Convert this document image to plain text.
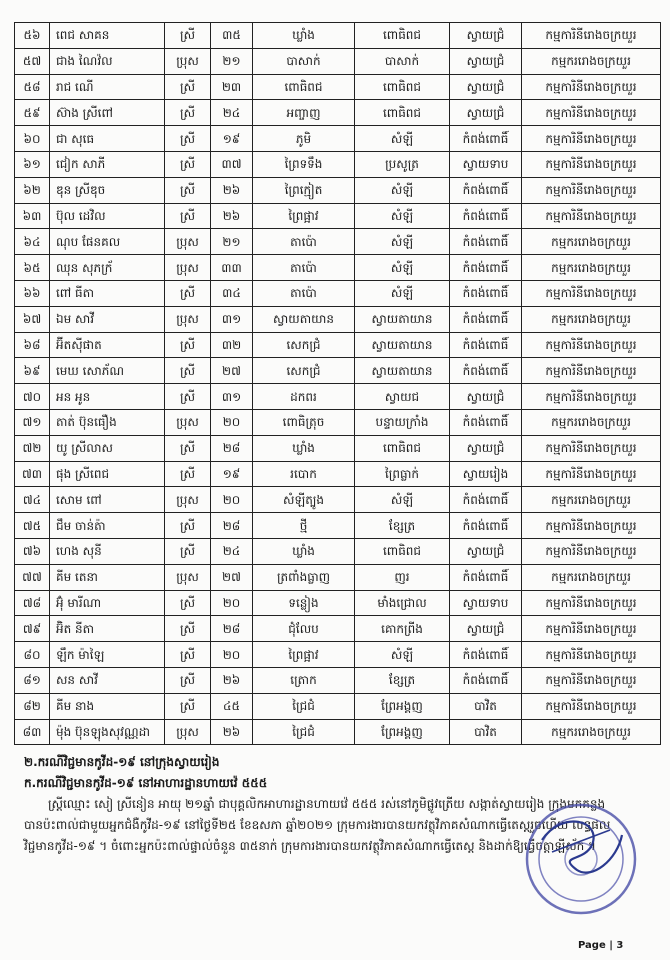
៥៦	ពេជ សាគន	ស្រី	៣៥	ឃ្លាំង	ពោធិពជ	ស្វាយជ្រំ	កម្មការិនីរោងចក្រយួរ
៥៧	ជាង ណៃវ៉ល	ប្រុស	២១	បាសាក់	បាសាក់	ស្វាយជ្រំ	កម្មកររោងចក្រយួរ
៥៨	រាជ ណើ	ស្រី	២៣	ពោធិពជ	ពោធិពជ	ស្វាយជ្រំ	កម្មការិនីរោងចក្រយួរ
៥៩	ស៊ាង ស្រីពៅ	ស្រី	២៤	អញ្ចាញ	ពោធិពជ	ស្វាយជ្រំ	កម្មការិនីរោងចក្រយួរ
៦០	ជា សុធេ	ស្រី	១៩	ភូមិ	សំឡី	កំពង់ពោធិ៍	កម្មការិនីរោងចក្រយួរ
៦១	ជៀក សាភី	ស្រី	៣៧	ព្រៃទទឹង	ប្រសូត្រ	ស្វាយទាប	កម្មការិនីរោងចក្រយួរ
៦២	ឌុន ស្រីឌុច	ស្រី	២៦	ព្រៃក្មៀត	សំឡី	កំពង់ពោធិ៍	កម្មការិនីរោងចក្រយួរ
៦៣	ប៊ុល ដេវិល	ស្រី	២៦	ព្រៃផ្អាវ	សំឡី	កំពង់ពោធិ៍	កម្មការិនីរោងចក្រយួរ
៦៤	ណុប ផែនគល	ប្រុស	២១	តាប៉ោ	សំឡី	កំពង់ពោធិ៍	កម្មកររោងចក្រយួរ
៦៥	ឈុន សុភក្រ័	ប្រុស	៣៣	តាប៉ោ	សំឡី	កំពង់ពោធិ៍	កម្មកររោងចក្រយួរ
៦៦	ពៅ ធីតា	ស្រី	៣៤	តាប៉ោ	សំឡី	កំពង់ពោធិ៍	កម្មការិនីរោងចក្រយួរ
៦៧	ឯម សាវី	ប្រុស	៣១	ស្វាយតាយាន	ស្វាយតាយាន	កំពង់ពោធិ៍	កម្មកររោងចក្រយួរ
៦៨	អ៊ីតស៊ីផាត	ស្រី	៣២	សេកជ្រំ	ស្វាយតាយាន	កំពង់ពោធិ៍	កម្មការិនីរោងចក្រយួរ
៦៩	មេឃ សោភ័ណ	ស្រី	២៧	សេកជ្រំ	ស្វាយតាយាន	កំពង់ពោធិ៍	កម្មការិនីរោងចក្រយួរ
៧០	អន អូន	ស្រី	៣១	ដកពរ	ស្វាយជ	ស្វាយជ្រំ	កម្មការិនីរោងចក្រយួរ
៧១	តាត់ ប៊ុនធឿង	ប្រុស	២០	ពោធិត្រុច	បន្ទាយក្រាំង	កំពង់ពោធិ៍	កម្មកររោងចក្រយួរ
៧២	យូ ស្រីលាស	ស្រី	២៨	ឃ្លាំង	ពោធិពជ	ស្វាយជ្រំ	កម្មការិនីរោងចក្រយួរ
៧៣	ផុង ស្រីពេជ	ស្រី	១៩	របោក	ព្រៃធ្លាក់	ស្វាយរៀង	កម្មការិនីរោងចក្រយួរ
៧៤	សោម ពៅ	ប្រុស	២០	សំឡីត្បូង	សំឡី	កំពង់ពោធិ៍	កម្មកររោងចក្រយួរ
៧៥	ជឹម ចាន់ត៉ា	ស្រី	២៨	ថ្មី	ខ្សែត្រ	កំពង់ពោធិ៍	កម្មការិនីរោងចក្រយួរ
៧៦	ហេង សុនី	ស្រី	២៤	ឃ្លាំង	ពោធិពជ	ស្វាយជ្រំ	កម្មការិនីរោងចក្រយួរ
៧៧	គីម តេនា	ប្រុស	២៧	ត្រពាំងធ្លាញ	ញរ	កំពង់ពោធិ៍	កម្មកររោងចក្រយួរ
៧៨	អ៊ុំ មារីណា	ស្រី	២០	ទន្លៀង	មាំងជ្រោល	ស្វាយទាប	កម្មការិនីរោងចក្រយួរ
៧៩	អ៊ិត នីតា	ស្រី	២៨	ជុំលែប	គោកព្រីង	ស្វាយជ្រំ	កម្មការិនីរោងចក្រយួរ
៨០	ឡឹក ម៉ាឡៃ	ស្រី	២០	ព្រៃផ្អាវ	សំឡី	កំពង់ពោធិ៍	កម្មការិនីរោងចក្រយួរ
៨១	សន សាវី	ស្រី	២៦	ត្រោក	ខ្សែត្រ	កំពង់ពោធិ៍	កម្មការិនីរោងចក្រយួរ
៨២	គីម នាង	ស្រី	៤៥	ជ្រៃជំ	ព្រែអង្គញ	បាវិត	កម្មការិនីរោងចក្រយួរ
៨៣	ម៉ុង ប៊ុនឡុងសុវណ្ណដា	ប្រុស	២៦	ជ្រៃជំ	ព្រែអង្គញ	បាវិត	កម្មកររោងចក្រយួរ
២.ករណីវិជ្ជមានកូវីដ-១៩ នៅក្រុងស្វាយរៀង
ក.ករណីវិជ្ជមានកូវីដ-១៩ នៅអាហារដ្ឋានហាយវ៉េ ៥៥៥
ស្ត្រីឈ្មោះ សៀ ស្រីនៀន អាយុ ២១ឆ្នាំ ជាបុគ្គលិកអាហារដ្ឋានហាយវ៉េ ៥៥៥ រស់នៅភូមិផ្លូវត្រើយ សង្កាត់ស្វាយរៀង ក្រុងមកគន្លងបានប៉ះពាល់ជាមួយអ្នកជំងឺកូវីដ-១៩ នៅថ្ងៃទី២៥ ខែឧសភា ឆ្នាំ២០២១ ក្រុមការងារបានយកវត្ថុវិភាគសំណាកធ្វើតេស្តរួចហើយ លទ្ធផលវិជ្ជមានកូវីដ-១៩ ។ ចំពោះអ្នកប៉ះពាល់ផ្ទាល់ចំនួន ៣៥នាក់ ក្រុមការងារបានយកវត្ថុវិភាគសំណាកធ្វើតេស្ត និងដាក់ឱ្យធ្វើចត្តាឡីស័ក ។
Page | 3
